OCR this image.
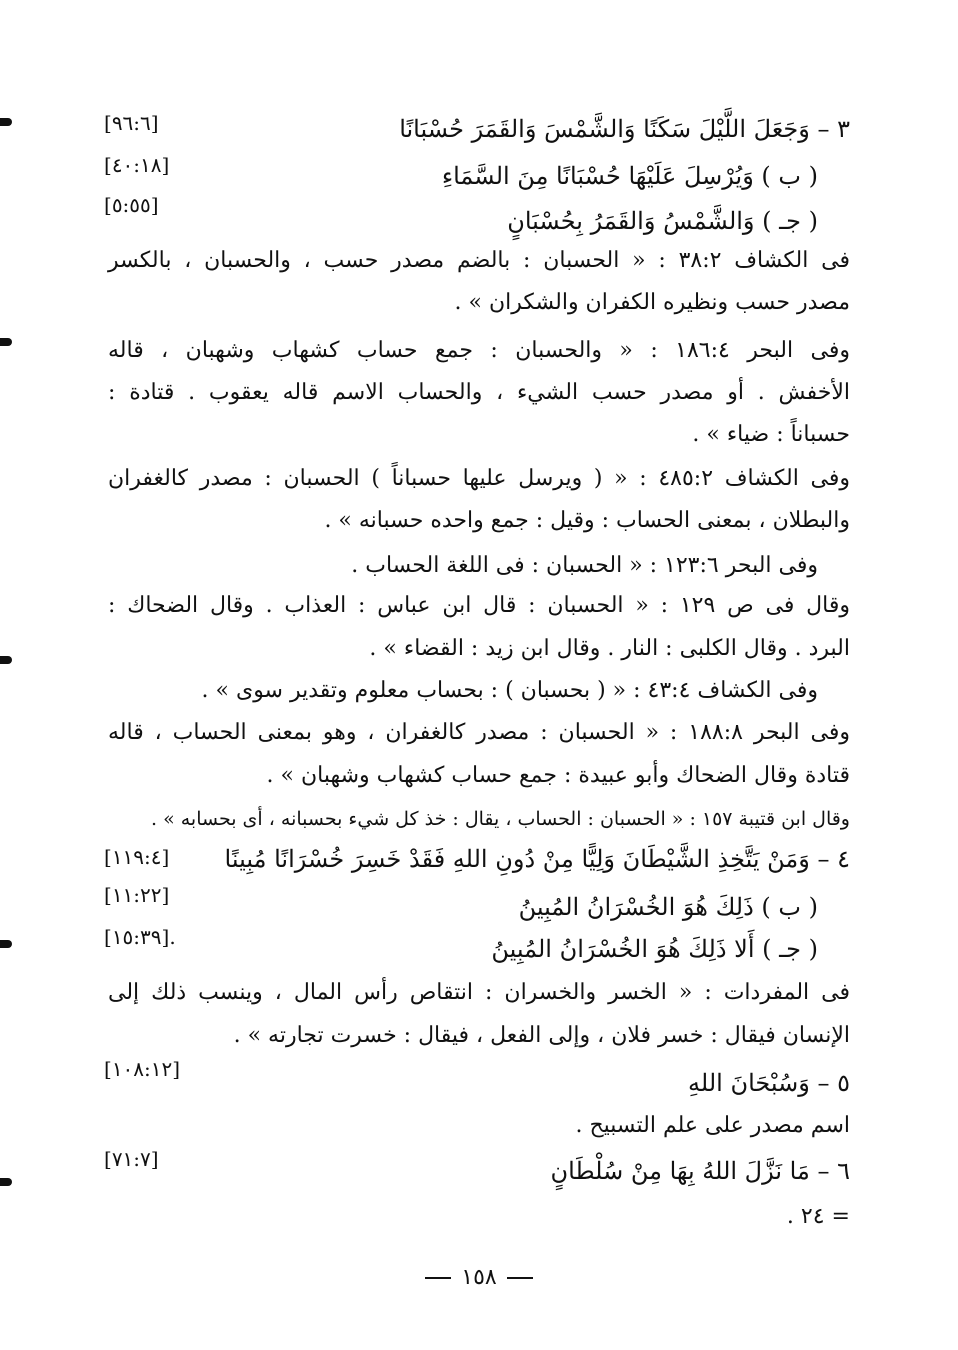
٣ – وَجَعَلَ اللَّيْلَ سَكَنًا وَالشَّمْسَ وَالقَمَرَ حُسْبَانًا
[٩٦:٦]
( ب ) وَيُرْسِلَ عَلَيْهَا حُسْبَانًا مِنَ السَّمَاءِ
[٤٠:١٨]
( جـ ) وَالشَّمْسُ وَالقَمَرُ بِحُسْبَانٍ
[٥:٥٥]
فى الكشاف ٣٨:٢ : « الحسبان : بالضم مصدر حسب ، والحسبان ، بالكسر
مصدر حسب ونظيره الكفران والشكران » .
وفى البحر ١٨٦:٤ : « والحسبان : جمع حساب كشهاب وشهبان ، قاله
الأخفش . أو مصدر حسب الشيء ، والحساب الاسم قاله يعقوب . قتادة :
حسباناً : ضياء » .
وفى الكشاف ٤٨٥:٢ : « ( ويرسل عليها حسباناً ) الحسبان : مصدر كالغفران
والبطلان ، بمعنى الحساب : وقيل : جمع واحده حسبانه » .
وفى البحر ١٢٣:٦ : « الحسبان : فى اللغة الحساب .
وقال فى ص ١٢٩ : « الحسبان : قال ابن عباس : العذاب . وقال الضحاك :
البرد . وقال الكلبى : النار . وقال ابن زيد : القضاء » .
وفى الكشاف ٤٣:٤ : « ( بحسبان ) : بحساب معلوم وتقدير سوى » .
وفى البحر ١٨٨:٨ : « الحسبان : مصدر كالغفران ، وهو بمعنى الحساب ، قاله
قتادة وقال الضحاك وأبو عبيدة : جمع حساب كشهاب وشهبان » .
وقال ابن قتيبة ١٥٧ : « الحسبان : الحساب ، يقال : خذ كل شيء بحسبانه ، أى بحسابه » .
٤ – وَمَنْ يَتَّخِذِ الشَّيْطَانَ وَلِيًّا مِنْ دُونِ اللهِ فَقَدْ خَسِرَ خُسْرَانًا مُبِينًا
[١١٩:٤]
( ب ) ذَلِكَ هُوَ الخُسْرَانُ المُبِينُ
[١١:٢٢]
( جـ ) أَلا ذَلِكَ هُوَ الخُسْرَانُ المُبِينُ
[١٥:٣٩].
فى المفردات : « الخسر والخسران : انتقاص رأس المال ، وينسب ذلك إلى
الإنسان فيقال : خسر فلان ، وإلى الفعل ، فيقال : خسرت تجارته » .
٥ – وَسُبْحَانَ اللهِ
[١٠٨:١٢]
اسم مصدر على علم التسبيح .
٦ – مَا نَزَّلَ اللهُ بِهَا مِنْ سُلْطَانٍ
[٧١:٧]
= ٢٤ .
١٥٨
